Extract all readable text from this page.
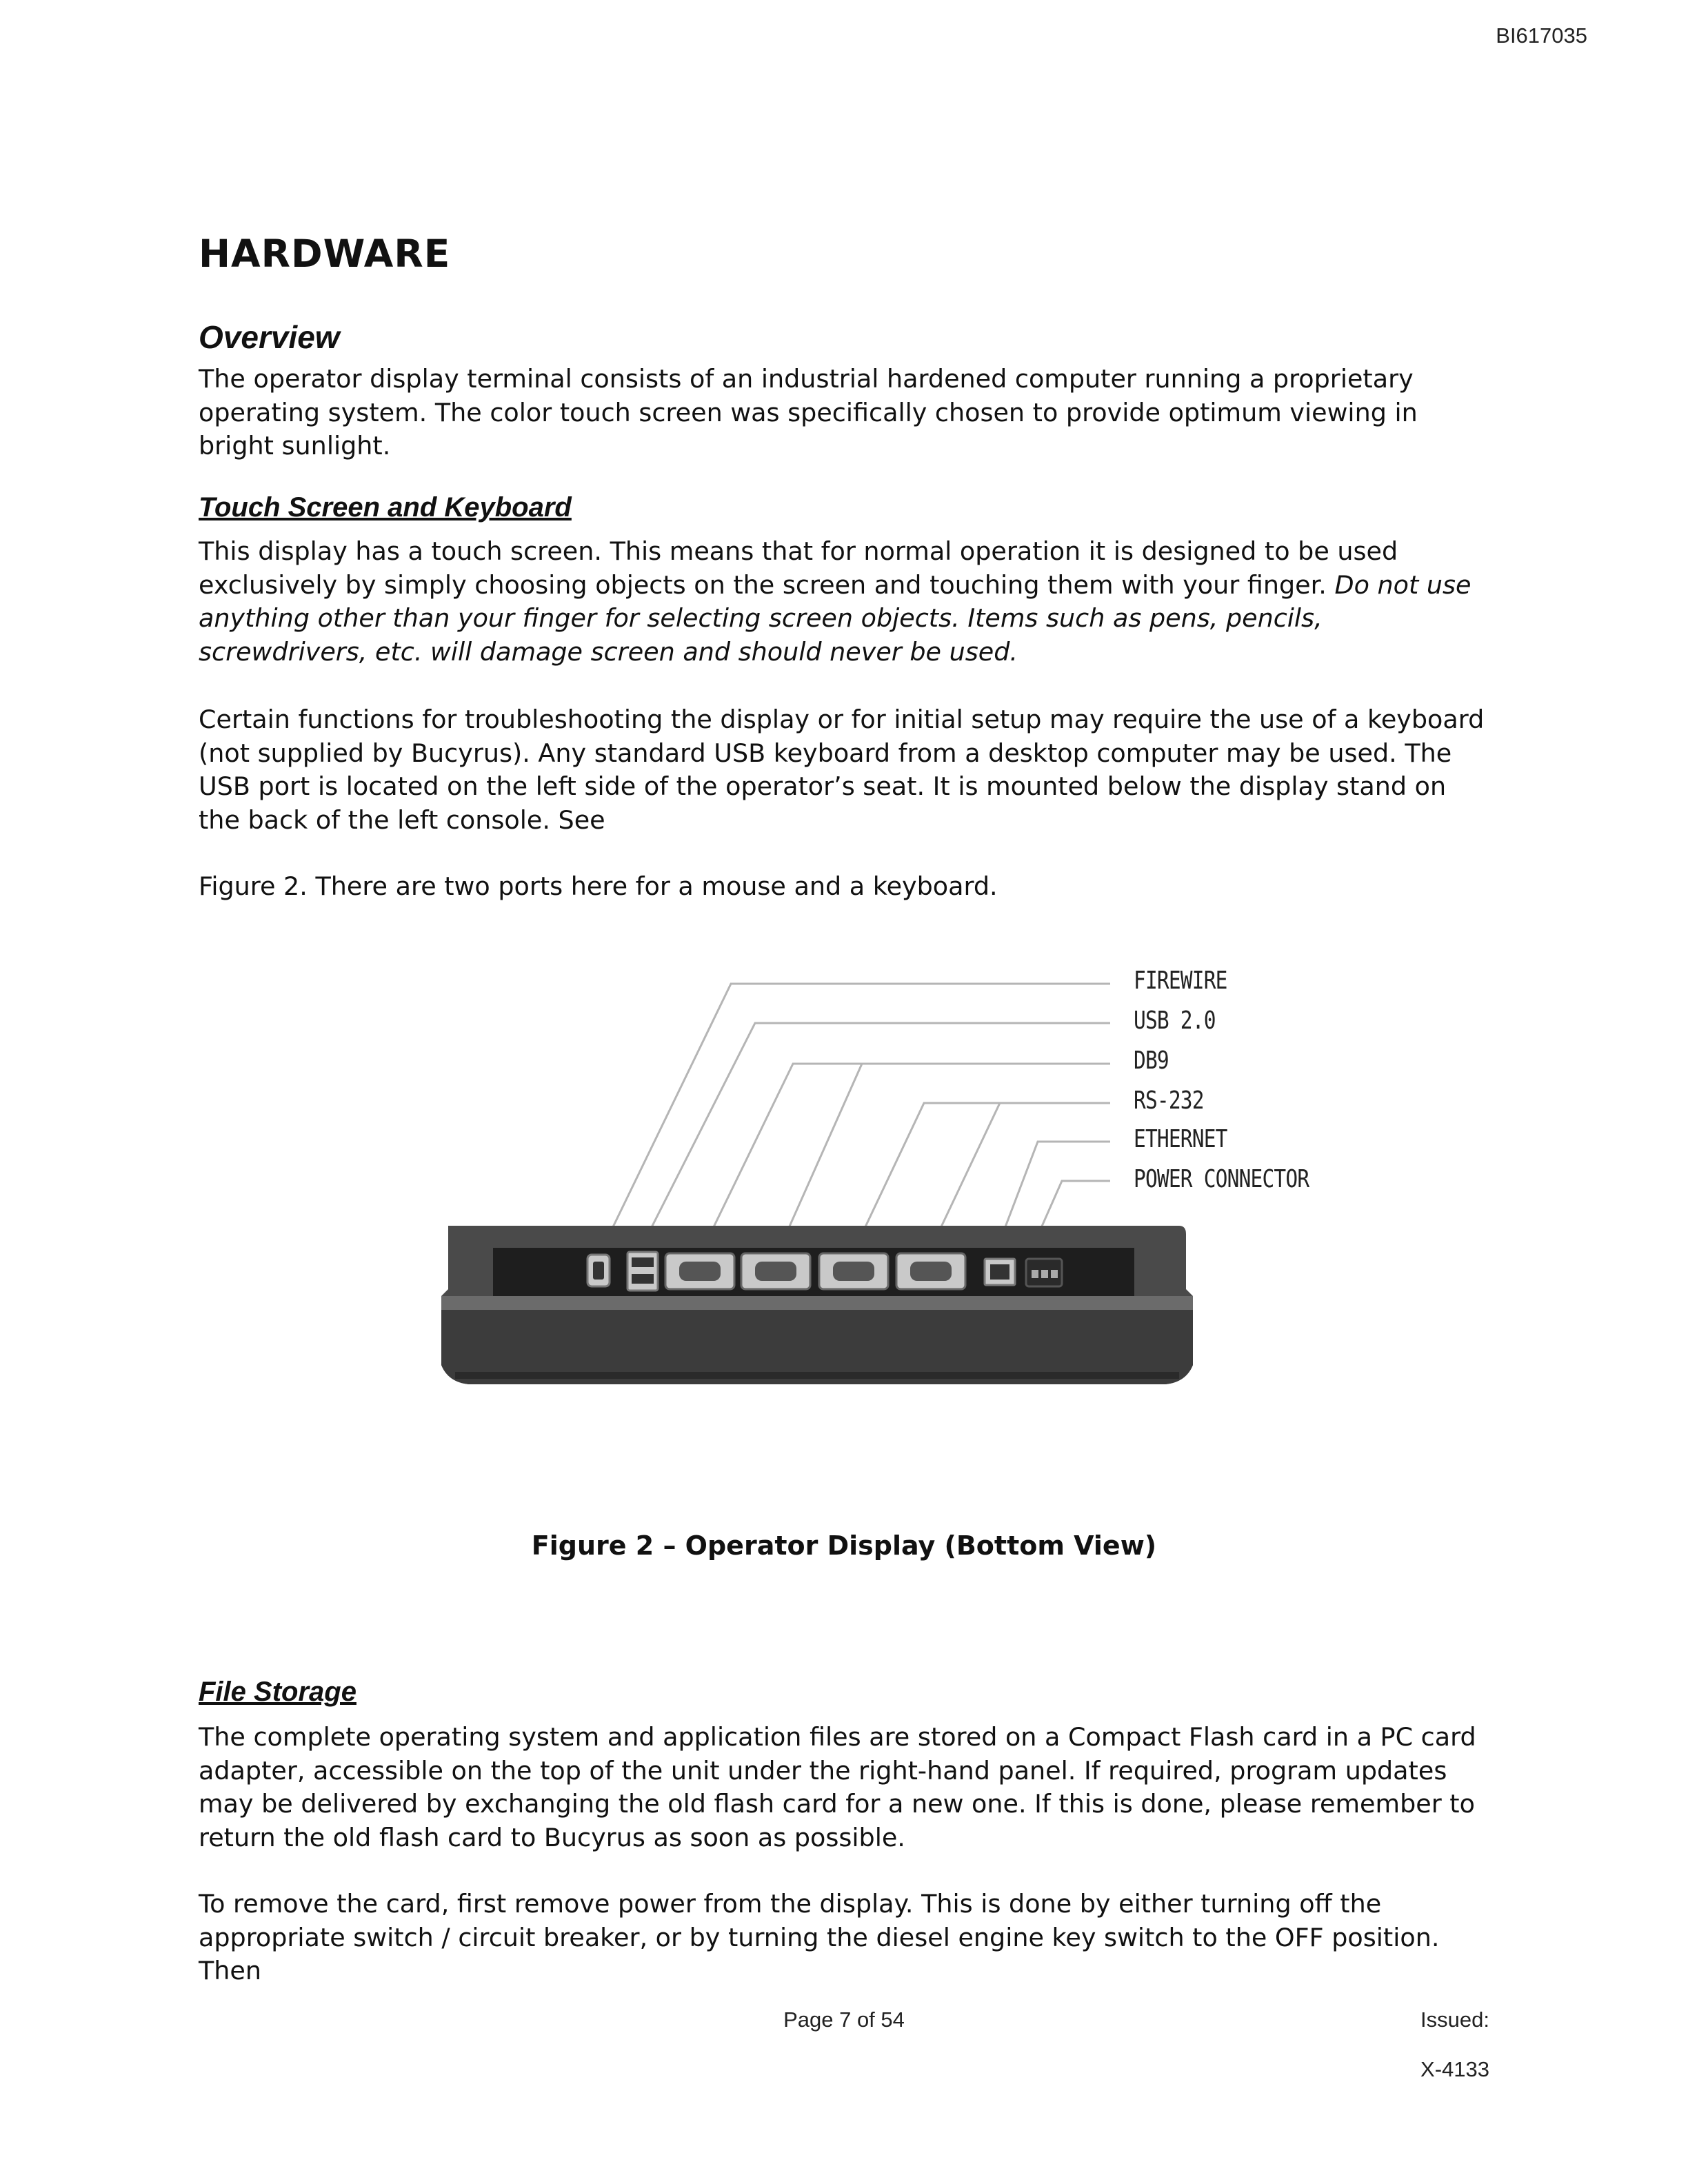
BI617035
HARDWARE
Overview

The operator display terminal consists of an industrial hardened computer running a proprietary operating system. The color touch screen was specifically chosen to provide optimum viewing in bright sunlight.

Touch Screen and Keyboard

This display has a touch screen. This means that for normal operation it is designed to be used exclusively by simply choosing objects on the screen and touching them with your finger. Do not use anything other than your finger for selecting screen objects. Items such as pens, pencils, screwdrivers, etc. will damage screen and should never be used.

Certain functions for troubleshooting the display or for initial setup may require the use of a keyboard (not supplied by Bucyrus). Any standard USB keyboard from a desktop computer may be used. The USB port is located on the left side of the operator’s seat. It is mounted below the display stand on the back of the left console. See

Figure 2. There are two ports here for a mouse and a keyboard.

FIREWIRE
USB 2.0
DB9
RS-232
ETHERNET
POWER CONNECTOR

Figure 2 – Operator Display (Bottom View)

File Storage

The complete operating system and application files are stored on a Compact Flash card in a PC card adapter, accessible on the top of the unit under the right-hand panel. If required, program updates may be delivered by exchanging the old flash card for a new one. If this is done, please remember to return the old flash card to Bucyrus as soon as possible.

To remove the card, first remove power from the display. This is done by either turning off the appropriate switch / circuit breaker, or by turning the diesel engine key switch to the OFF position. Then

Page 7 of 54	Issued:
X-4133
